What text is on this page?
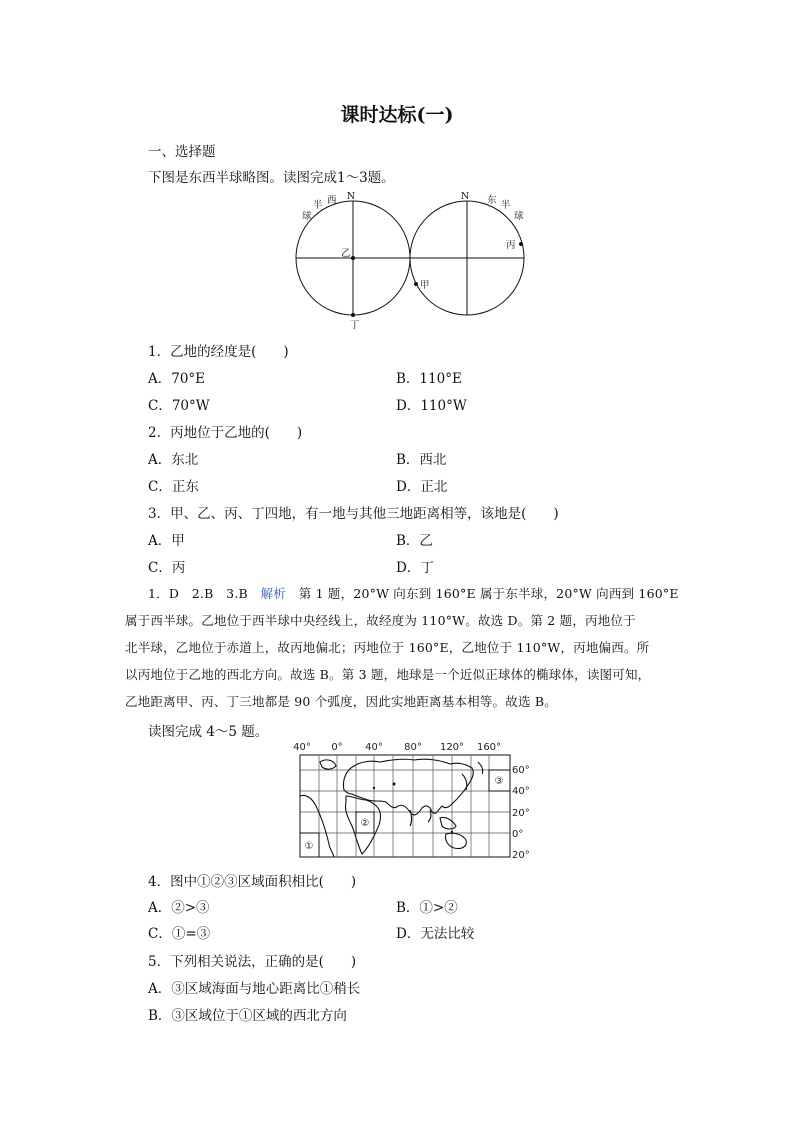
课时达标(一)
一、选择题
下图是东西半球略图。读图完成1～3题。
N	N
球
半 西	东 半
球
乙
丁
甲
丙
1．乙地的经度是(　　)
A．70°E	B．110°E
C．70°W	D．110°W
2．丙地位于乙地的(　　)
A．东北	B．西北
C．正东	D．正北
3．甲、乙、丙、丁四地，有一地与其他三地距离相等，该地是(　　)
A．甲	B．乙
C．丙	D．丁
1．D　2.B　3.B　解析　第 1 题，20°W 向东到 160°E 属于东半球，20°W 向西到 160°E
属于西半球。乙地位于西半球中央经线上，故经度为 110°W。故选 D。第 2 题，丙地位于
北半球，乙地位于赤道上，故丙地偏北；丙地位于 160°E，乙地位于 110°W，丙地偏西。所
以丙地位于乙地的西北方向。故选 B。第 3 题，地球是一个近似正球体的椭球体，读图可知，
乙地距离甲、丙、丁三地都是 90 个弧度，因此实地距离基本相等。故选 B。
读图完成 4～5 题。
40° 0° 40° 80° 120° 160°
60°
40°
20°
0°
20°
①
②
③
4．图中①②③区域面积相比(　　)
A．②>③	B．①>②
C．①=③	D．无法比较
5．下列相关说法，正确的是(　　)
A．③区域海面与地心距离比①稍长
B．③区域位于①区域的西北方向
